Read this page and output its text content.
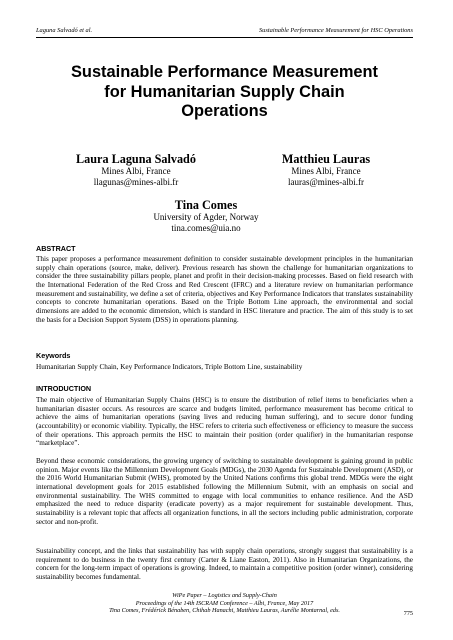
Laguna Salvadó et al.	Sustainable Performance Measurement for HSC Operations
Sustainable Performance Measurement
for Humanitarian Supply Chain
Operations
Laura Laguna Salvadó
Mines Albi, France
llagunas@mines-albi.fr
Matthieu Lauras
Mines Albi, France
lauras@mines-albi.fr
Tina Comes
University of Agder, Norway
tina.comes@uia.no
ABSTRACT

This paper proposes a performance measurement definition to consider sustainable development principles in the humanitarian supply chain operations (source, make, deliver). Previous research has shown the challenge for humanitarian organizations to consider the three sustainability pillars people, planet and profit in their decision-making processes. Based on field research with the International Federation of the Red Cross and Red Crescent (IFRC) and a literature review on humanitarian performance measurement and sustainability, we define a set of criteria, objectives and Key Performance Indicators that translates sustainability concepts to concrete humanitarian operations. Based on the Triple Bottom Line approach, the environmental and social dimensions are added to the economic dimension, which is standard in HSC literature and practice. The aim of this study is to set the basis for a Decision Support System (DSS) in operations planning.

Keywords

Humanitarian Supply Chain, Key Performance Indicators, Triple Bottom Line, sustainability

INTRODUCTION

The main objective of Humanitarian Supply Chains (HSC) is to ensure the distribution of relief items to beneficiaries when a humanitarian disaster occurs. As resources are scarce and budgets limited, performance measurement has become critical to achieve the aims of humanitarian operations (saving lives and reducing human suffering), and to secure donor funding (accountability) or economic viability. Typically, the HSC refers to criteria such effectiveness or efficiency to measure the success of their operations. This approach permits the HSC to maintain their position (order qualifier) in the humanitarian response “marketplace”.

Beyond these economic considerations, the growing urgency of switching to sustainable development is gaining ground in public opinion. Major events like the Millennium Development Goals (MDGs), the 2030 Agenda for Sustainable Development (ASD), or the 2016 World Humanitarian Submit (WHS), promoted by the United Nations confirms this global trend. MDGs were the eight international development goals for 2015 established following the Millennium Submit, with an emphasis on social and environmental sustainability. The WHS committed to engage with local communities to enhance resilience. And the ASD emphasized the need to reduce disparity (eradicate poverty) as a major requirement for sustainable development. Thus, sustainability is a relevant topic that affects all organization functions, in all the sectors including public administration, corporate sector and non-profit.

Sustainability concept, and the links that sustainability has with supply chain operations, strongly suggest that sustainability is a requirement to do business in the twenty first century (Carter & Liane Easton, 2011). Also in Humanitarian Organizations, the concern for the long-term impact of operations is growing. Indeed, to maintain a competitive position (order winner), considering sustainability becomes fundamental.

WiPe Paper – Logistics and Supply-Chain
Proceedings of the 14th ISCRAM Conference – Albi, France, May 2017
Tina Comes, Frédérick Bénaben, Chihab Hanachi, Matthieu Lauras, Aurélie Montarnal, eds.	775
